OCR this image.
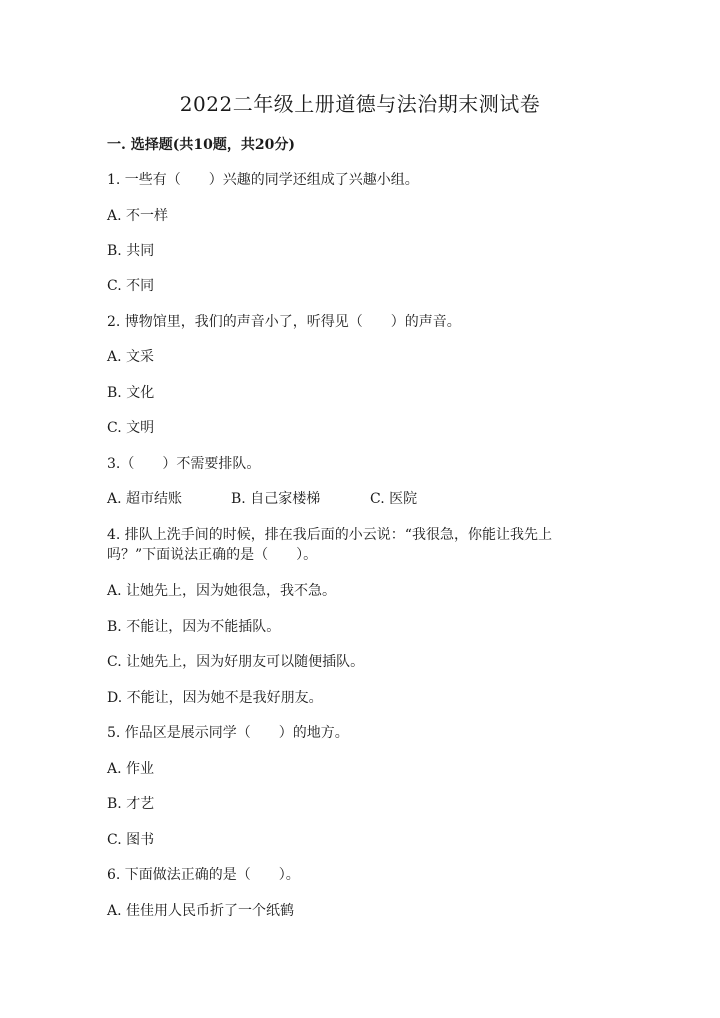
2022二年级上册道德与法治期末测试卷
一. 选择题(共10题，共20分)
1. 一些有（　　）兴趣的同学还组成了兴趣小组。
A. 不一样
B. 共同
C. 不同
2. 博物馆里，我们的声音小了，听得见（　　）的声音。
A. 文采
B. 文化
C. 文明
3.（　　）不需要排队。
A. 超市结账	B. 自己家楼梯	C. 医院
4. 排队上洗手间的时候，排在我后面的小云说：“我很急，你能让我先上
吗？”下面说法正确的是（　　）。
A. 让她先上，因为她很急，我不急。
B. 不能让，因为不能插队。
C. 让她先上，因为好朋友可以随便插队。
D. 不能让，因为她不是我好朋友。
5. 作品区是展示同学（　　）的地方。
A. 作业
B. 才艺
C. 图书
6. 下面做法正确的是（　　）。
A. 佳佳用人民币折了一个纸鹤
